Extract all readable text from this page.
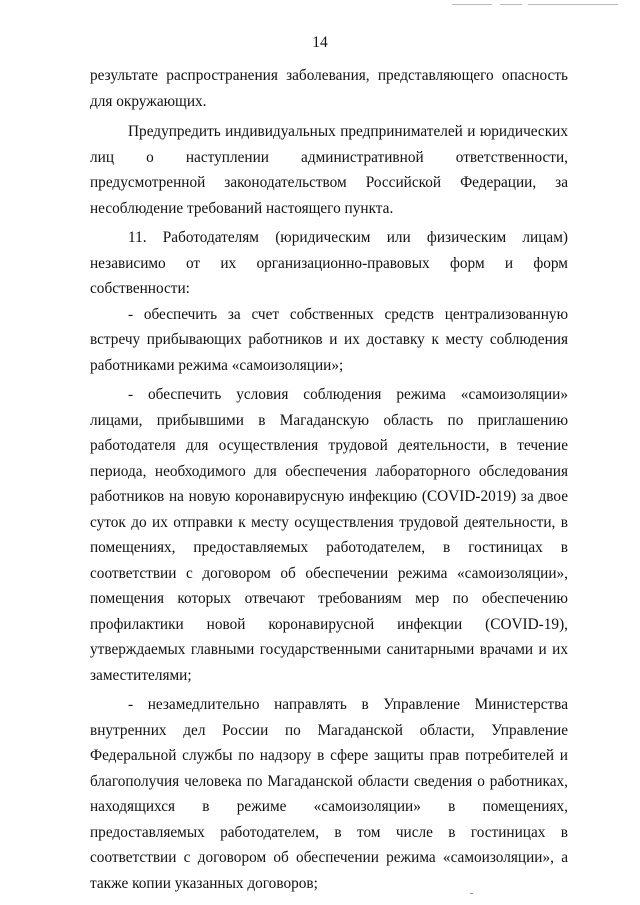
14

результате распространения заболевания, представляющего опасность для окружающих.

Предупредить индивидуальных предпринимателей и юридических лиц о наступлении административной ответственности, предусмотренной законодательством Российской Федерации, за несоблюдение требований настоящего пункта.

11. Работодателям (юридическим или физическим лицам) независимо от их организационно-правовых форм и форм собственности:

- обеспечить за счет собственных средств централизованную встречу прибывающих работников и их доставку к месту соблюдения работниками режима «самоизоляции»;

- обеспечить условия соблюдения режима «самоизоляции» лицами, прибывшими в Магаданскую область по приглашению работодателя для осуществления трудовой деятельности, в течение периода, необходимого для обеспечения лабораторного обследования работников на новую коронавирусную инфекцию (COVID-2019) за двое суток до их отправки к месту осуществления трудовой деятельности, в помещениях, предоставляемых работодателем, в гостиницах в соответствии с договором об обеспечении режима «самоизоляции», помещения которых отвечают требованиям мер по обеспечению профилактики новой коронавирусной инфекции (COVID-19), утверждаемых главными государственными санитарными врачами и их заместителями;

- незамедлительно направлять в Управление Министерства внутренних дел России по Магаданской области, Управление Федеральной службы по надзору в сфере защиты прав потребителей и благополучия человека по Магаданской области сведения о работниках, находящихся в режиме «самоизоляции» в помещениях, предоставляемых работодателем, в том числе в гостиницах в соответствии с договором об обеспечении режима «самоизоляции», а также копии указанных договоров;
